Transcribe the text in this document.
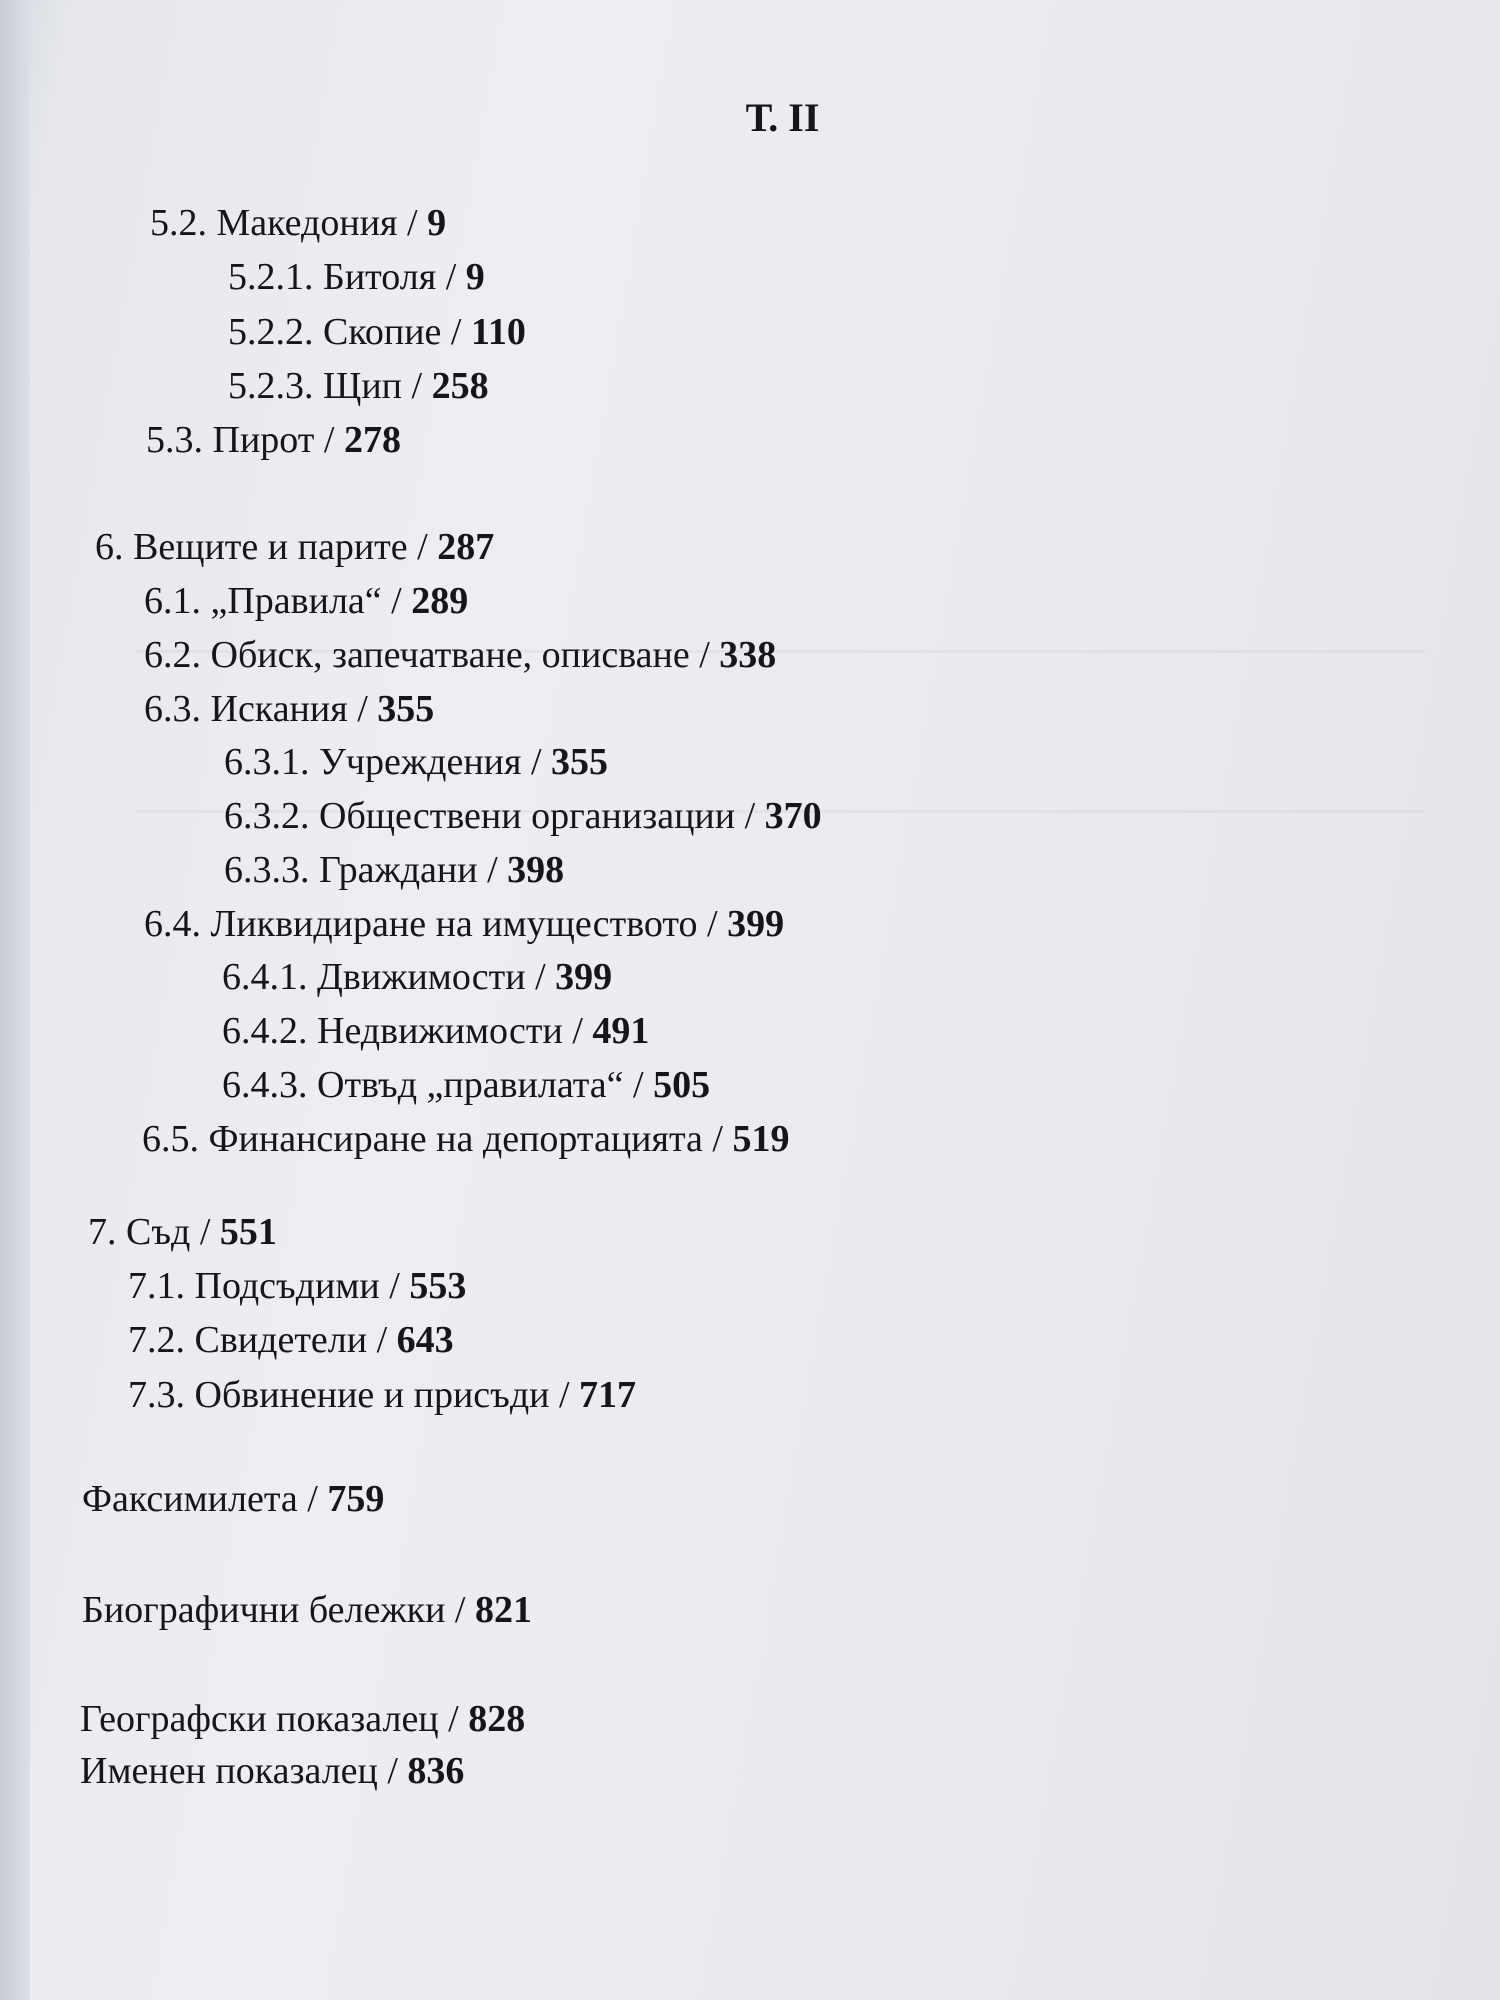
Т. II

5.2. Македония / 9

5.2.1. Битоля / 9

5.2.2. Скопие / 110

5.2.3. Щип / 258

5.3. Пирот / 278

6. Вещите и парите / 287

6.1. „Правила“ / 289

6.2. Обиск, запечатване, описване / 338

6.3. Искания / 355

6.3.1. Учреждения / 355

6.3.2. Обществени организации / 370

6.3.3. Граждани / 398

6.4. Ликвидиране на имуществото / 399

6.4.1. Движимости / 399

6.4.2. Недвижимости / 491

6.4.3. Отвъд „правилата“ / 505

6.5. Финансиране на депортацията / 519

7. Съд / 551

7.1. Подсъдими / 553

7.2. Свидетели / 643

7.3. Обвинение и присъди / 717

Факсимилета / 759

Биографични бележки / 821

Географски показалец / 828

Именен показалец / 836
